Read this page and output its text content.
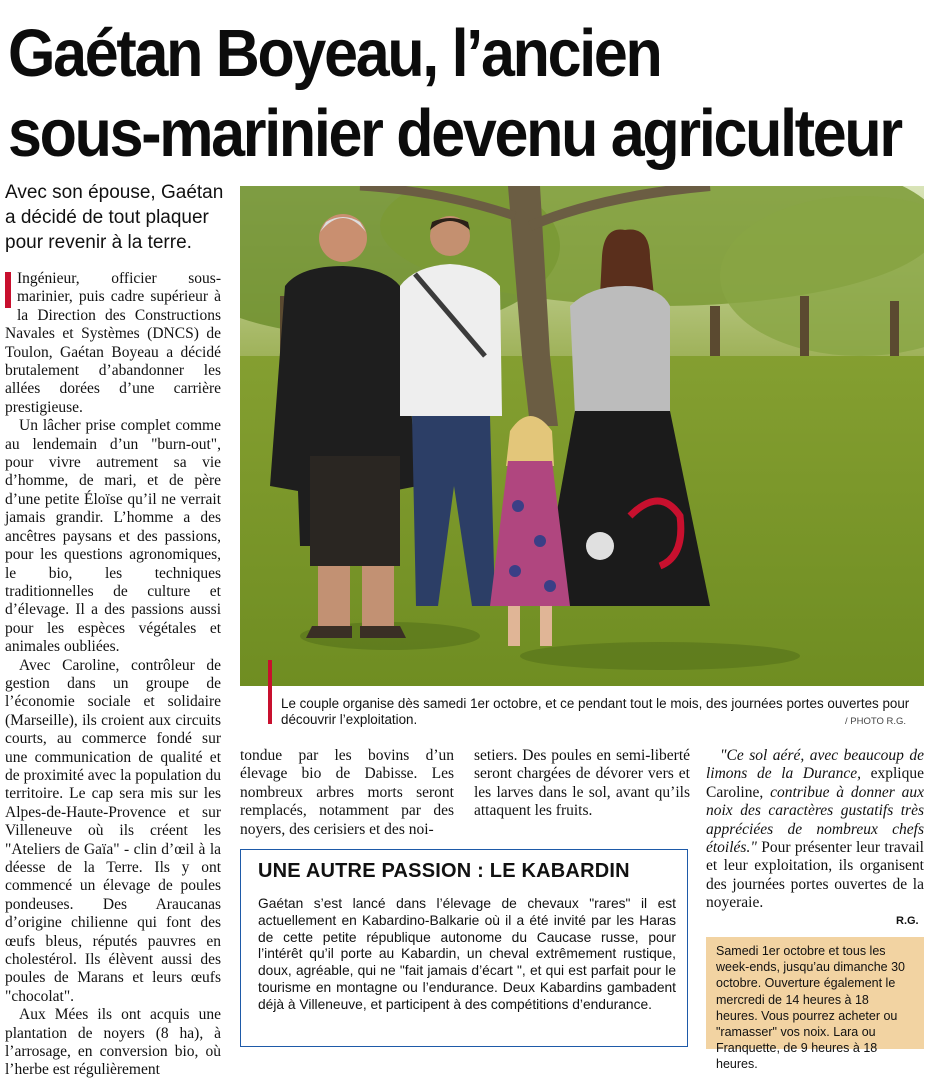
Gaétan Boyeau, l’ancien
sous-marinier devenu agriculteur
Avec son épouse, Gaétan a décidé de tout plaquer pour revenir à la terre.

Ingénieur, officier sous-marinier, puis cadre supérieur à la Direction des Constructions Navales et Systèmes (DNCS) de Toulon, Gaétan Boyeau a décidé brutalement d’abandonner les allées dorées d’une carrière prestigieuse.

Un lâcher prise complet comme au lendemain d’un "burn-out", pour vivre autrement sa vie d’homme, de mari, et de père d’une petite Éloïse qu’il ne verrait jamais grandir. L’homme a des ancêtres paysans et des passions, pour les questions agronomiques, le bio, les techniques traditionnelles de culture et d’élevage. Il a des passions aussi pour les espèces végétales et animales oubliées.

Avec Caroline, contrôleur de gestion dans un groupe de l’économie sociale et solidaire (Marseille), ils croient aux circuits courts, au commerce fondé sur une communication de qualité et de proximité avec la population du territoire. Le cap sera mis sur les Alpes-de-Haute-Provence et sur Villeneuve où ils créent les "Ateliers de Gaïa" - clin d’œil à la déesse de la Terre. Ils y ont commencé un élevage de poules pondeuses. Des Araucanas d’origine chilienne qui font des œufs bleus, réputés pauvres en cholestérol. Ils élèvent aussi des poules de Marans et leurs œufs "chocolat".

Aux Mées ils ont acquis une plantation de noyers (8 ha), à l’arrosage, en conversion bio, où l’herbe est régulièrement

Le couple organise dès samedi 1er octobre, et ce pendant tout le mois, des journées portes ouvertes pour découvrir l’exploitation.	/ PHOTO R.G.

tondue par les bovins d’un élevage bio de Dabisse. Les nombreux arbres morts seront remplacés, notamment par des noyers, des cerisiers et des noi-

setiers. Des poules en semi-liberté seront chargées de dévorer vers et les larves dans le sol, avant qu’ils attaquent les fruits.

"Ce sol aéré, avec beaucoup de limons de la Durance, explique Caroline, contribue à donner aux noix des caractères gustatifs très appréciées de nombreux chefs étoilés." Pour présenter leur travail et leur exploitation, ils organisent des journées portes ouvertes de la noyeraie.

UNE AUTRE PASSION : LE KABARDIN
Gaétan s’est lancé dans l’élevage de chevaux "rares" il est actuellement en Kabardino-Balkarie où il a été invité par les Haras de cette petite république autonome du Caucase russe, pour l’intérêt qu’il porte au Kabardin, un cheval extrêmement rustique, doux, agréable, qui ne "fait jamais d’écart ", et qui est parfait pour le tourisme en montagne ou l’endurance. Deux Kabardins gambadent déjà à Villeneuve, et participent à des compétitions d’endurance.
R.G.
Samedi 1er octobre et tous les week-ends, jusqu’au dimanche 30 octobre. Ouverture également le mercredi de 14 heures à 18 heures. Vous pourrez acheter ou "ramasser" vos noix. Lara ou Franquette, de 9 heures à 18 heures.
